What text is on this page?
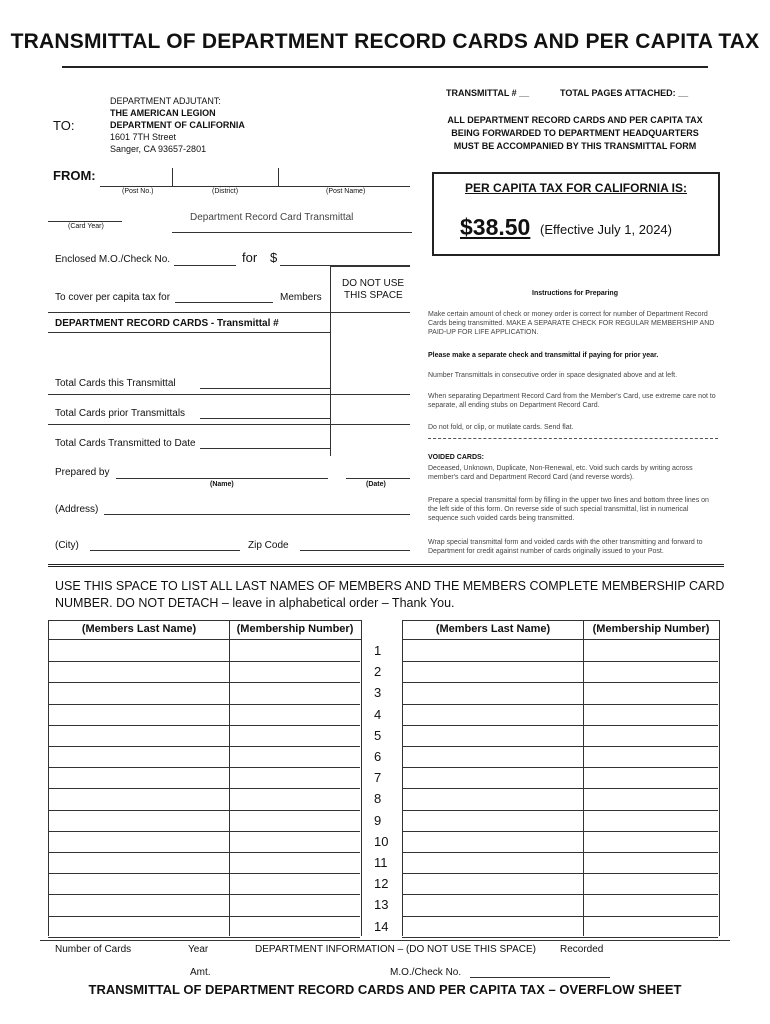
TRANSMITTAL OF DEPARTMENT RECORD CARDS AND PER CAPITA TAX
TO:
DEPARTMENT ADJUTANT:
THE AMERICAN LEGION
DEPARTMENT OF CALIFORNIA
1601 7TH Street
Sanger, CA 93657-2801
TRANSMITTAL # __	TOTAL PAGES ATTACHED: __
ALL DEPARTMENT RECORD CARDS AND PER CAPITA TAX
BEING FORWARDED TO DEPARTMENT HEADQUARTERS
MUST BE ACCOMPANIED BY THIS TRANSMITTAL FORM
FROM:
(Post No.)	(District)	(Post Name)
(Card Year)
Department Record Card Transmittal
PER CAPITA TAX FOR CALIFORNIA IS:
$38.50 (Effective July 1, 2024)
Enclosed M.O./Check No.	for $
To cover per capita tax for	Members
DO NOT USE
THIS SPACE
DEPARTMENT RECORD CARDS - Transmittal #
Total Cards this Transmittal
Total Cards prior Transmittals
Total Cards Transmitted to Date
Prepared by
(Name)	(Date)
(Address)
(City)	Zip Code
Instructions for Preparing
Make certain amount of check or money order is correct for number of Department Record Cards being transmitted. MAKE A SEPARATE CHECK FOR REGULAR MEMBERSHIP AND PAID-UP FOR LIFE APPLICATION.
Please make a separate check and transmittal if paying for prior year.
Number Transmittals in consecutive order in space designated above and at left.
When separating Department Record Card from the Member's Card, use extreme care not to separate, all ending stubs on Department Record Card.
Do not fold, or clip, or mutilate cards. Send flat.
VOIDED CARDS:
Deceased, Unknown, Duplicate, Non-Renewal, etc. Void such cards by writing across member's card and Department Record Card (and reverse words).
Prepare a special transmittal form by filling in the upper two lines and bottom three lines on the left side of this form. On reverse side of such special transmittal, list in numerical sequence such voided cards being transmitted.
Wrap special transmittal form and voided cards with the other transmitting and forward to Department for credit against number of cards originally issued to your Post.
USE THIS SPACE TO LIST ALL LAST NAMES OF MEMBERS AND THE MEMBERS COMPLETE MEMBERSHIP CARD NUMBER. DO NOT DETACH – leave in alphabetical order – Thank You.
(Members Last Name)	(Membership Number)	(Members Last Name)	(Membership Number)
1
2
3
4
5
6
7
8
9
10
11
12
13
14
Number of Cards	Year	DEPARTMENT INFORMATION – (DO NOT USE THIS SPACE) Recorded
Amt.	M.O./Check No.
TRANSMITTAL OF DEPARTMENT RECORD CARDS AND PER CAPITA TAX – OVERFLOW SHEET
